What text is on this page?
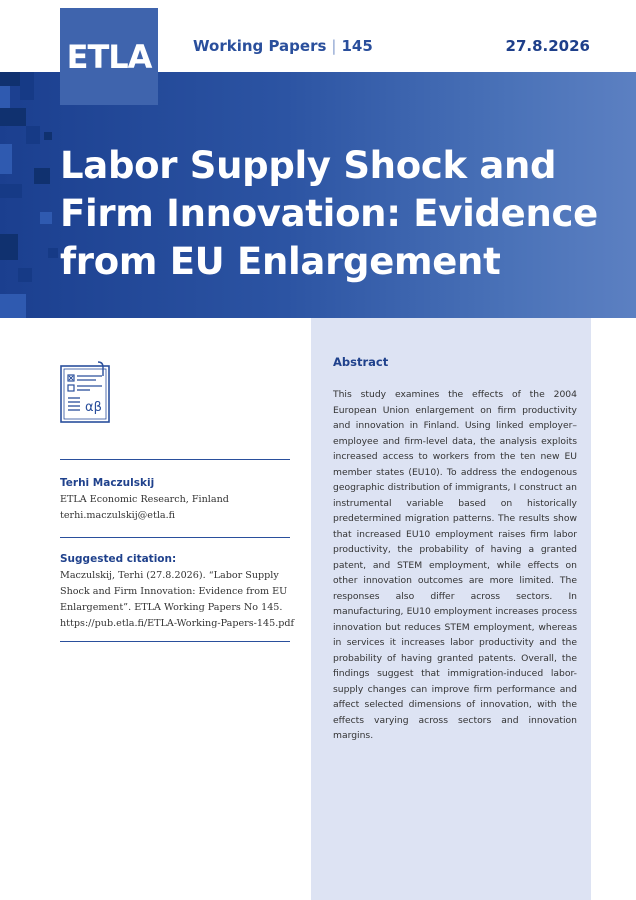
ETLA	Working Papers | 145	27.8.2026
Labor Supply Shock and Firm Innovation: Evidence from EU Enlargement
αβ
Terhi Maczulskij
ETLA Economic Research, Finland
terhi.maczulskij@etla.fi
Suggested citation:
Maczulskij, Terhi (27.8.2026). “Labor Supply Shock and Firm Innovation: Evidence from EU Enlargement”. ETLA Working Papers No 145. https://pub.etla.fi/ETLA-Working-Papers-145.pdf
Abstract

This study examines the effects of the 2004 European Union enlargement on firm productivity and innovation in Finland. Using linked employer–employee and firm-level data, the analysis exploits increased access to workers from the ten new EU member states (EU10). To address the endogenous geographic distribution of immigrants, I construct an instrumental variable based on historically predetermined migration patterns. The results show that increased EU10 employment raises firm labor productivity, the probability of having a granted patent, and STEM employment, while effects on other innovation outcomes are more limited. The responses also differ across sectors. In manufacturing, EU10 employment increases process innovation but reduces STEM employment, whereas in services it increases labor productivity and the probability of having granted patents. Overall, the findings suggest that immigration-induced labor-supply changes can improve firm performance and affect selected dimensions of innovation, with the effects varying across sectors and innovation margins.
